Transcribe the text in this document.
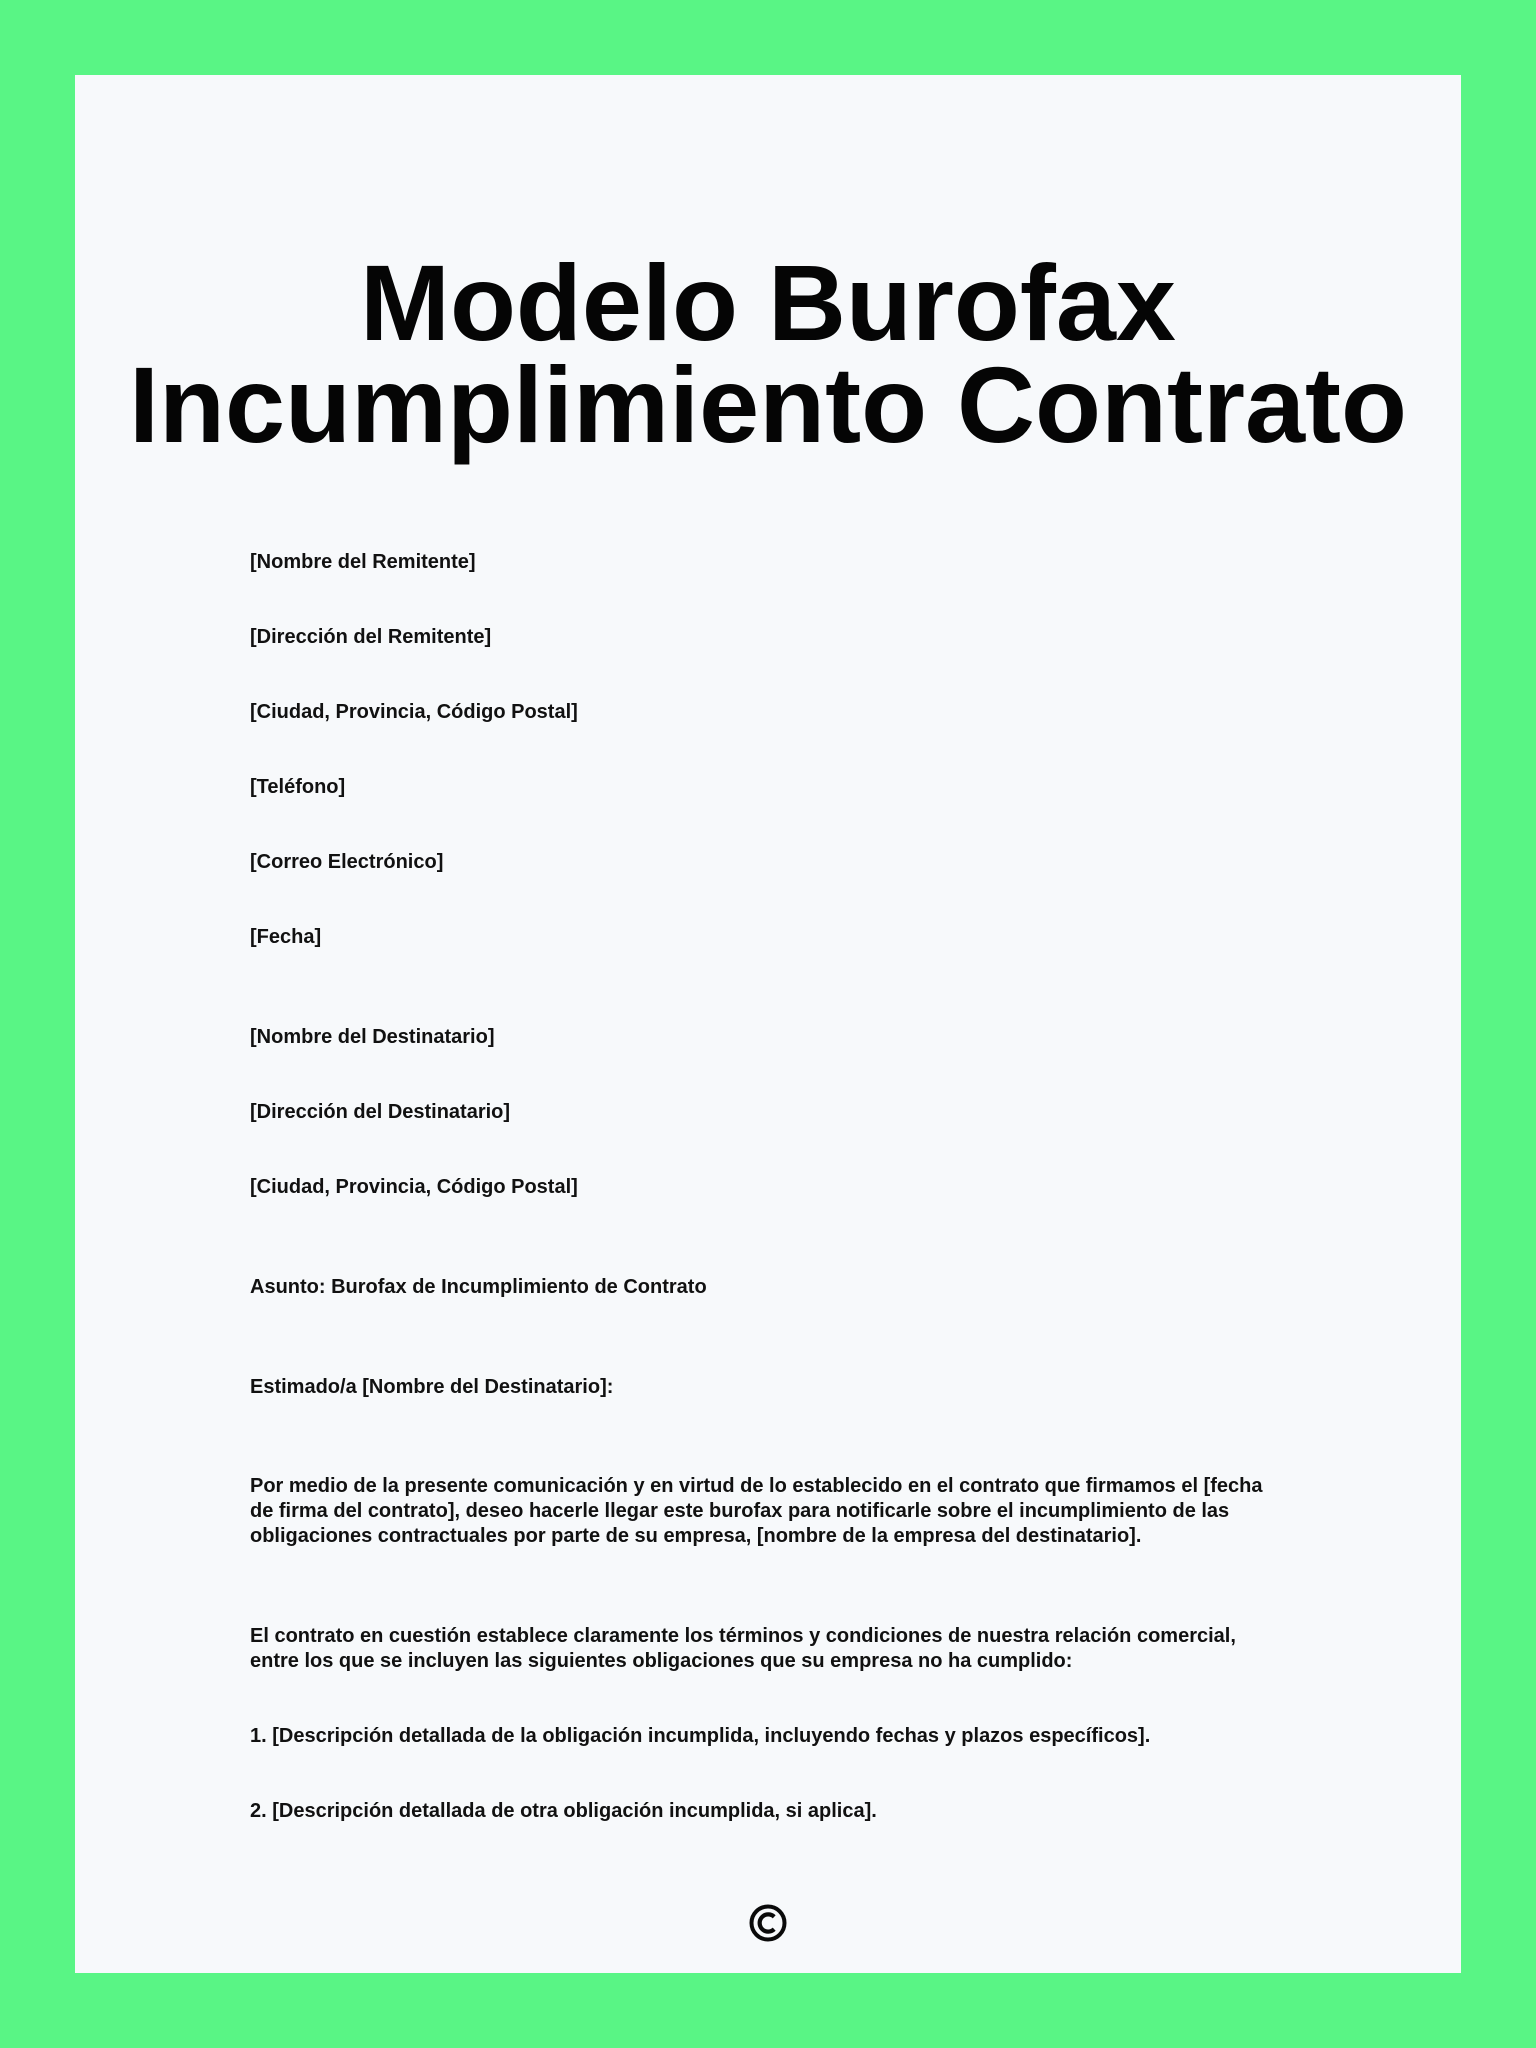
Modelo Burofax
Incumplimiento Contrato

[Nombre del Remitente]

[Dirección del Remitente]

[Ciudad, Provincia, Código Postal]

[Teléfono]

[Correo Electrónico]

[Fecha]

[Nombre del Destinatario]

[Dirección del Destinatario]

[Ciudad, Provincia, Código Postal]

Asunto: Burofax de Incumplimiento de Contrato

Estimado/a [Nombre del Destinatario]:

Por medio de la presente comunicación y en virtud de lo establecido en el contrato que firmamos el [fecha
de firma del contrato], deseo hacerle llegar este burofax para notificarle sobre el incumplimiento de las
obligaciones contractuales por parte de su empresa, [nombre de la empresa del destinatario].

El contrato en cuestión establece claramente los términos y condiciones de nuestra relación comercial,
entre los que se incluyen las siguientes obligaciones que su empresa no ha cumplido:

1. [Descripción detallada de la obligación incumplida, incluyendo fechas y plazos específicos].

2. [Descripción detallada de otra obligación incumplida, si aplica].
